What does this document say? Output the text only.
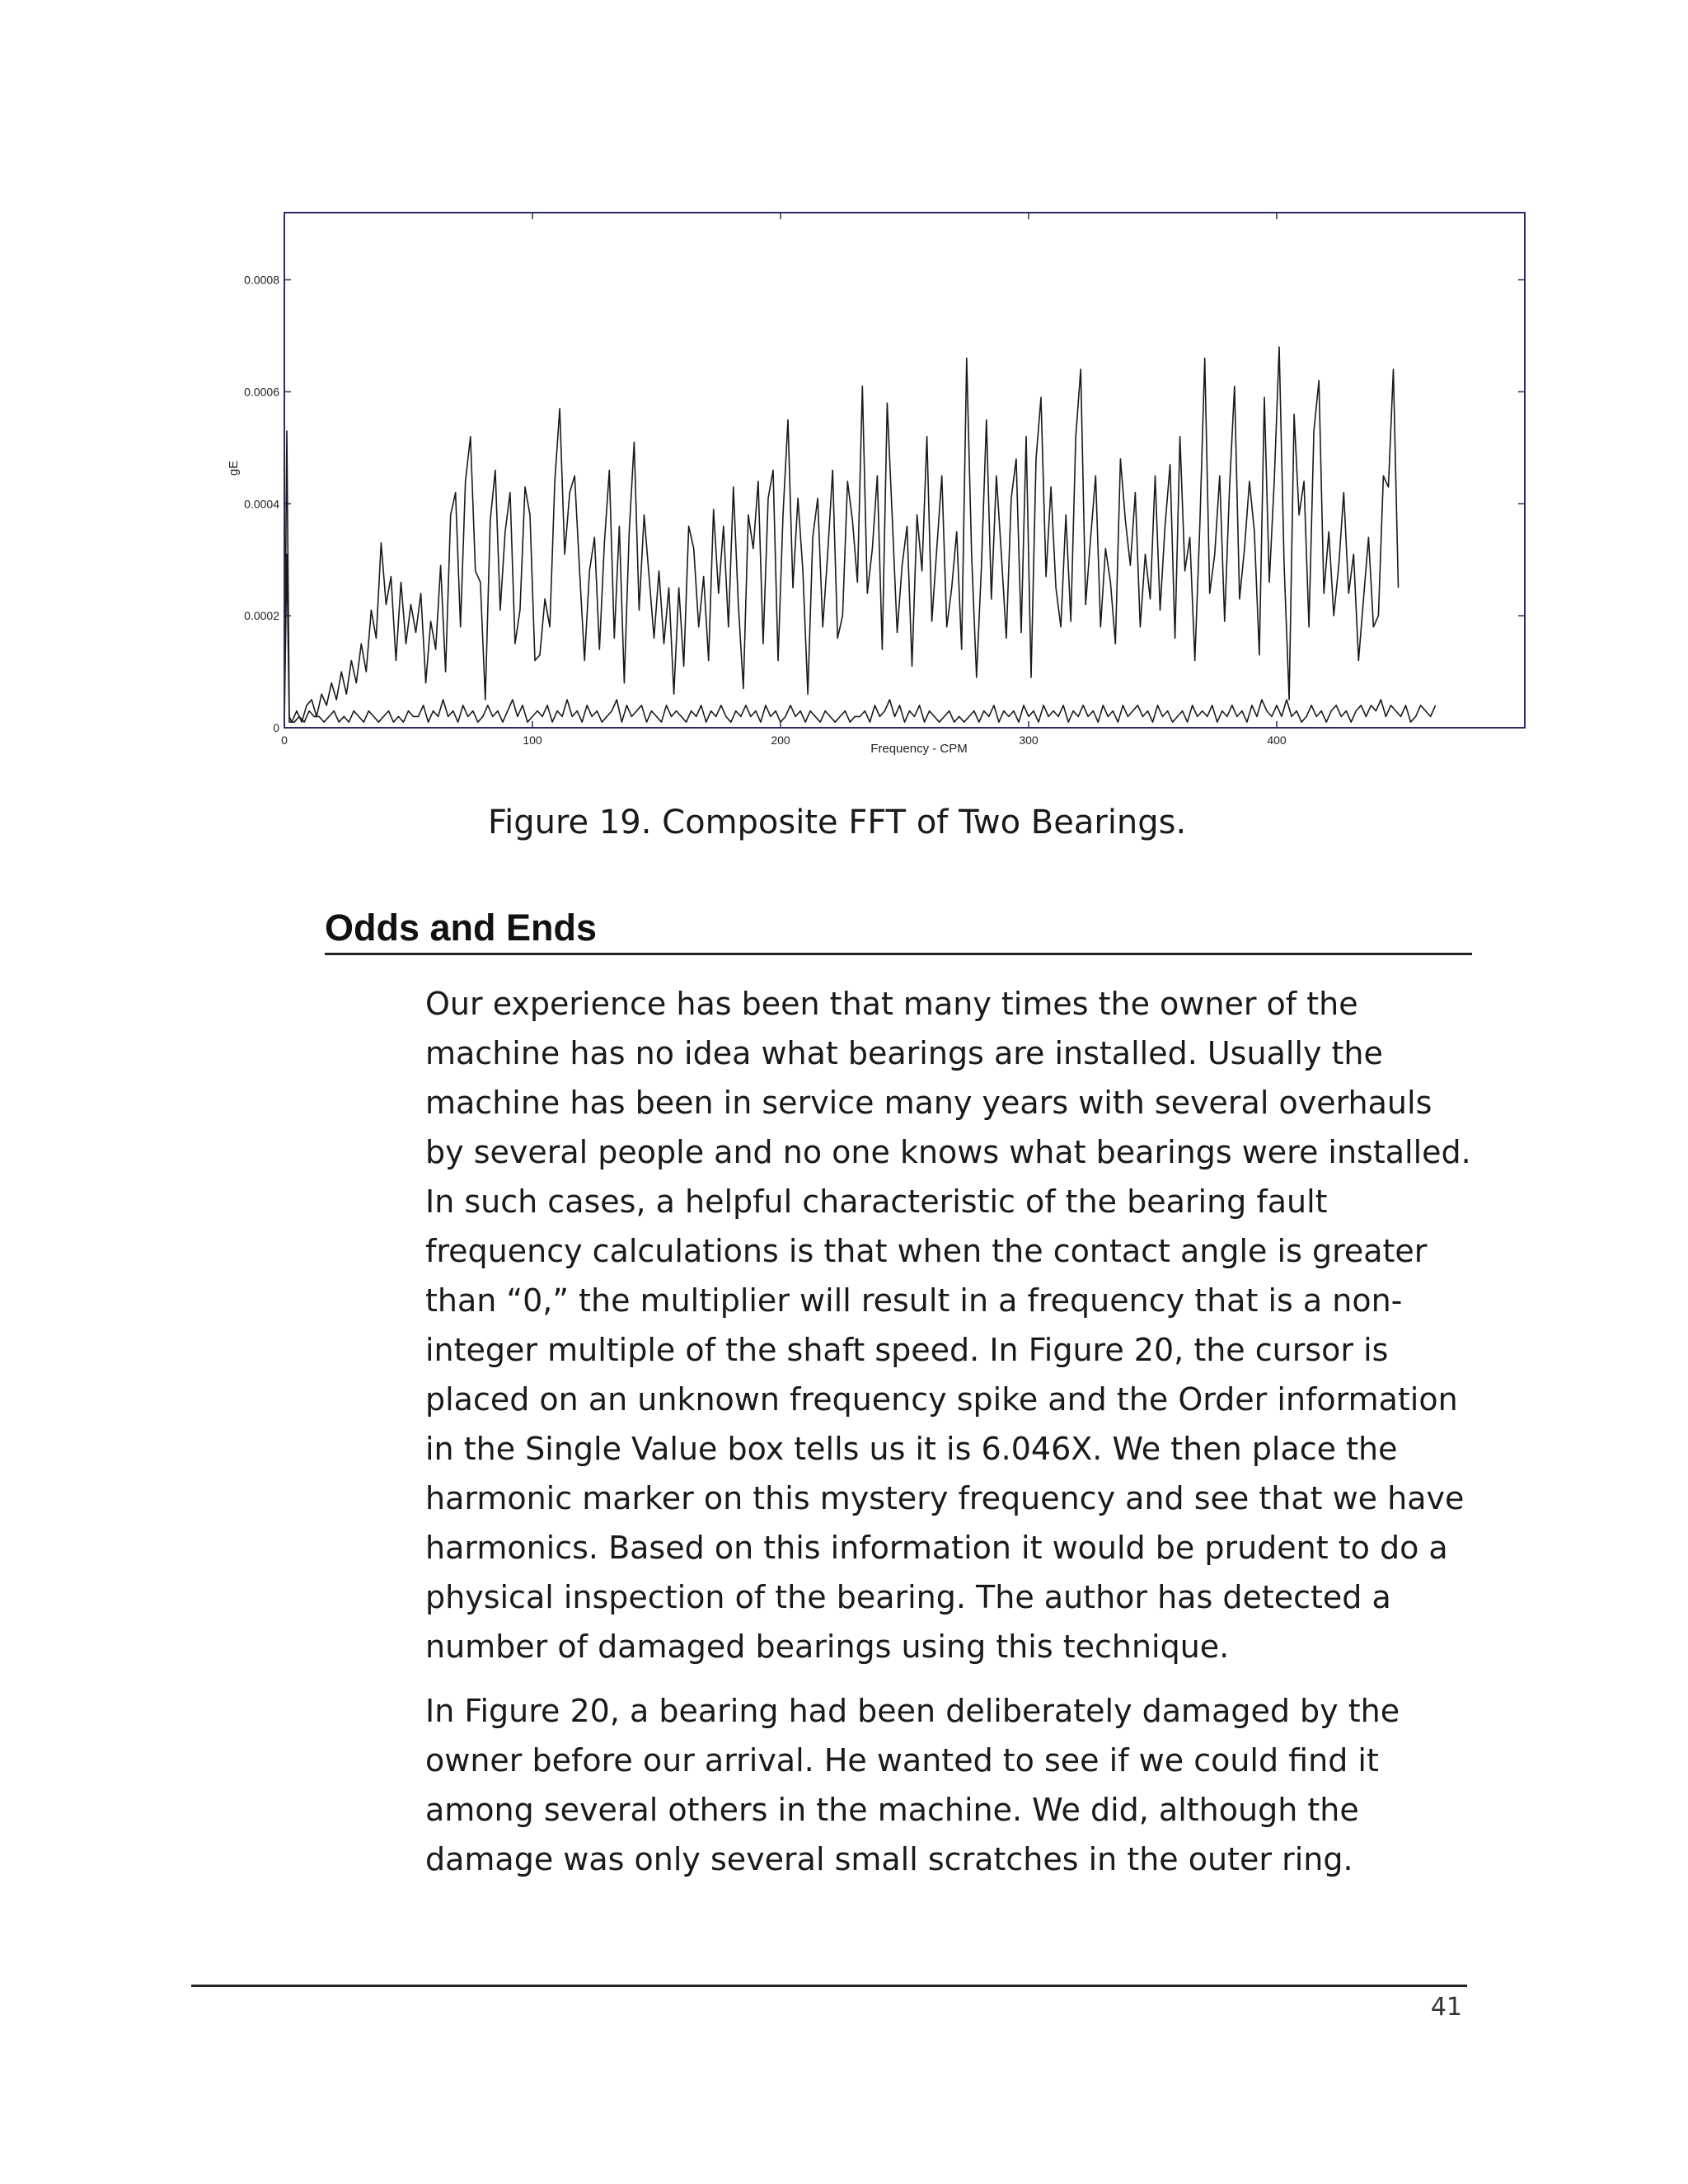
gE
0
0.0002
0.0004
0.0006
0.0008
0	100	200	300	400
Frequency - CPM
Figure 19. Composite FFT of Two Bearings.
Odds and Ends

Our experience has been that many times the owner of the machine has no idea what bearings are installed. Usually the machine has been in service many years with several overhauls by several people and no one knows what bearings were installed. In such cases, a helpful characteristic of the bearing fault frequency calculations is that when the contact angle is greater than “0,” the multiplier will result in a frequency that is a non-integer multiple of the shaft speed. In Figure 20, the cursor is placed on an unknown frequency spike and the Order information in the Single Value box tells us it is 6.046X. We then place the harmonic marker on this mystery frequency and see that we have harmonics. Based on this information it would be prudent to do a physical inspection of the bearing. The author has detected a number of damaged bearings using this technique.

In Figure 20, a bearing had been deliberately damaged by the owner before our arrival. He wanted to see if we could find it among several others in the machine. We did, although the damage was only several small scratches in the outer ring.

41
